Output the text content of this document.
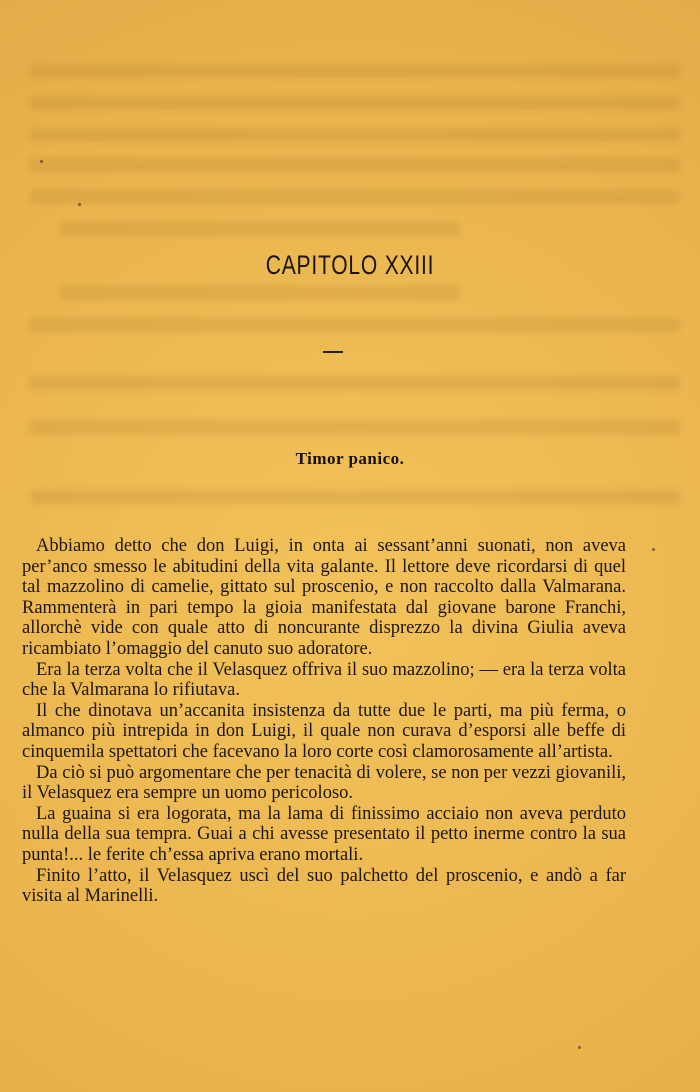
CAPITOLO XXIII
Timor panico.

Abbiamo detto che don Luigi, in onta ai sessant’anni suonati, non aveva per’anco smesso le abitudini della vita galante. Il lettore deve ricordarsi di quel tal mazzolino di camelie, gittato sul proscenio, e non raccolto dalla Valmarana. Rammenterà in pari tempo la gioia manifestata dal giovane barone Franchi, allorchè vide con quale atto di noncurante disprezzo la divina Giulia aveva ricambiato l’omaggio del canuto suo adoratore.

Era la terza volta che il Velasquez offriva il suo mazzolino; — era la terza volta che la Valmarana lo rifiutava.

Il che dinotava un’accanita insistenza da tutte due le parti, ma più ferma, o almanco più intrepida in don Luigi, il quale non curava d’esporsi alle beffe di cinquemila spettatori che facevano la loro corte così clamorosamente all’artista.

Da ciò si può argomentare che per tenacità di volere, se non per vezzi giovanili, il Velasquez era sempre un uomo pericoloso.

La guaina si era logorata, ma la lama di finissimo acciaio non aveva perduto nulla della sua tempra. Guai a chi avesse presentato il petto inerme contro la sua punta!... le ferite ch’essa apriva erano mortali.

Finito l’atto, il Velasquez uscì del suo palchetto del proscenio, e andò a far visita al Marinelli.
